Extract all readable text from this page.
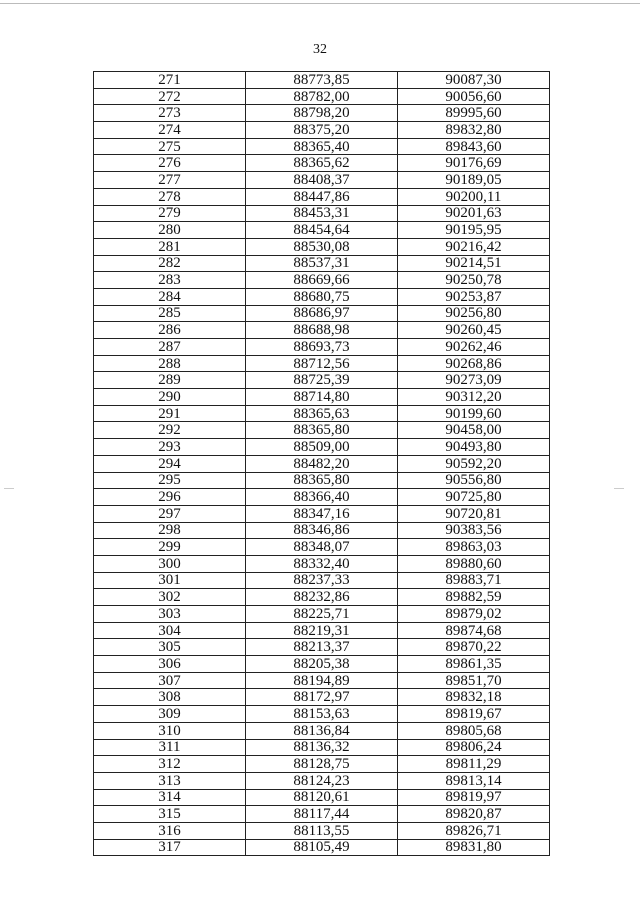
32
271	88773,85	90087,30
272	88782,00	90056,60
273	88798,20	89995,60
274	88375,20	89832,80
275	88365,40	89843,60
276	88365,62	90176,69
277	88408,37	90189,05
278	88447,86	90200,11
279	88453,31	90201,63
280	88454,64	90195,95
281	88530,08	90216,42
282	88537,31	90214,51
283	88669,66	90250,78
284	88680,75	90253,87
285	88686,97	90256,80
286	88688,98	90260,45
287	88693,73	90262,46
288	88712,56	90268,86
289	88725,39	90273,09
290	88714,80	90312,20
291	88365,63	90199,60
292	88365,80	90458,00
293	88509,00	90493,80
294	88482,20	90592,20
295	88365,80	90556,80
296	88366,40	90725,80
297	88347,16	90720,81
298	88346,86	90383,56
299	88348,07	89863,03
300	88332,40	89880,60
301	88237,33	89883,71
302	88232,86	89882,59
303	88225,71	89879,02
304	88219,31	89874,68
305	88213,37	89870,22
306	88205,38	89861,35
307	88194,89	89851,70
308	88172,97	89832,18
309	88153,63	89819,67
310	88136,84	89805,68
311	88136,32	89806,24
312	88128,75	89811,29
313	88124,23	89813,14
314	88120,61	89819,97
315	88117,44	89820,87
316	88113,55	89826,71
317	88105,49	89831,80
